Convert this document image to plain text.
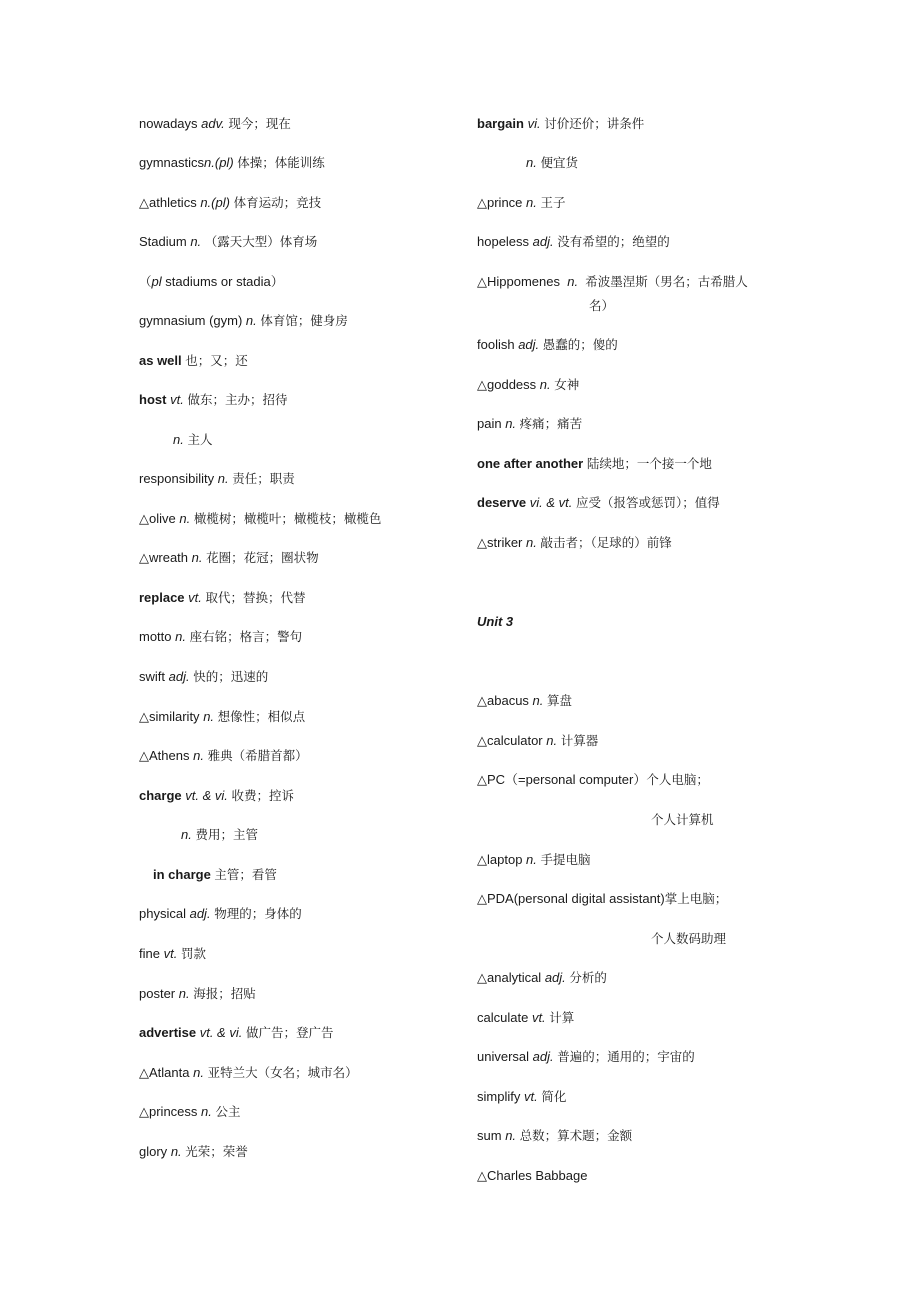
nowadays adv. 现今；现在
gymnasticsn.(pl) 体操；体能训练
△athletics n.(pl) 体育运动；竞技
Stadium n. （露天大型）体育场
（pl stadiums or stadia）
gymnasium (gym) n. 体育馆；健身房
as well 也；又；还
host vt. 做东；主办；招待
n. 主人
responsibility n. 责任；职责
△olive n. 橄榄树；橄榄叶；橄榄枝；橄榄色
△wreath n. 花圈；花冠；圈状物
replace vt. 取代；替换；代替
motto n. 座右铭；格言；警句
swift adj. 快的；迅速的
△similarity n. 想像性；相似点
△Athens n. 雅典（希腊首都）
charge vt. & vi. 收费；控诉
n. 费用；主管
in charge 主管；看管
physical adj. 物理的；身体的
fine vt. 罚款
poster n. 海报；招贴
advertise vt. & vi. 做广告；登广告
△Atlanta n. 亚特兰大（女名；城市名）
△princess n. 公主
glory n. 光荣；荣誉
bargain vi. 讨价还价；讲条件
n. 便宜货
△prince n. 王子
hopeless adj. 没有希望的；绝望的
△Hippomenes n. 希波墨涅斯（男名；古希腊人
名）
foolish adj. 愚蠢的；傻的
△goddess n. 女神
pain n. 疼痛；痛苦
one after another 陆续地；一个接一个地
deserve vi. & vt. 应受（报答或惩罚）；值得
△striker n. 敲击者；（足球的）前锋
Unit 3
△abacus n. 算盘
△calculator n. 计算器
△PC（=personal computer）个人电脑；
个人计算机
△laptop n. 手提电脑
△PDA(personal digital assistant)掌上电脑；
个人数码助理
△analytical adj. 分析的
calculate vt. 计算
universal adj. 普遍的；通用的；宇宙的
simplify vt. 简化
sum n. 总数；算术题；金额
△Charles Babbage
